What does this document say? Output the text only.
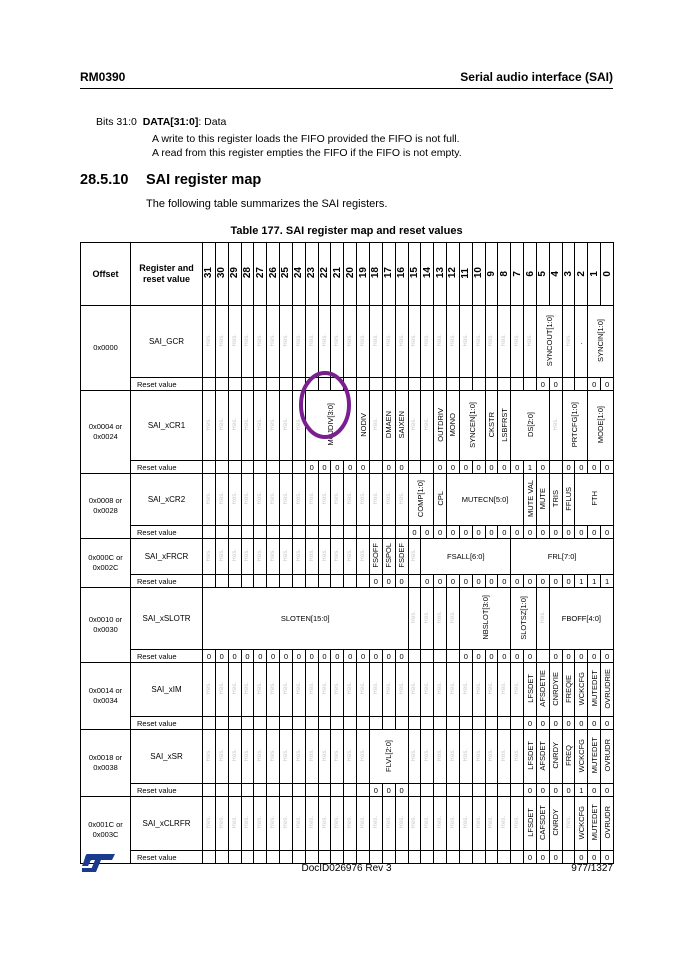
RM0390	Serial audio interface (SAI)
Bits 31:0 DATA[31:0]: Data
A write to this register loads the FIFO provided the FIFO is not full.
A read from this register empties the FIFO if the FIFO is not empty.
28.5.10 SAI register map
The following table summarizes the SAI registers.
Table 177. SAI register map and reset values
Offset	Register and reset value	31	30	29	28	27	26	25	24	23	22	21	20	19	18	17	16	15	14	13	12	11	10	9	8	7	6	5	4	3	2	1	0
0x0000	SAI_GCR	Res.	Res.	Res.	Res.	Res.	Res.	Res.	Res.	Res.	Res.	Res.	Res.	Res.	Res.	Res.	Res.	Res.	Res.	Res.	Res.	Res.	Res.	Res.	Res.	Res.	Res.	SYNCOUT[1:0]		Res.	.	SYNCIN[1:0]	
	Reset value																											0	0			0	0
0x0004 or 0x0024	SAI_xCR1	Res.	Res.	Res.	Res.	Res.	Res.	Res.	Res.	MCJDIV[3:0]				NODIV	Res.	DMAEN	SAIXEN	Res.	Res.	OUTDRIV	MONO	SYNCEN[1:0]		CKSTR	LSBFRST	DS[2:0]			Res.	PRTCFG[1:0]		MODE[1:0]	
	Reset value									0	0	0	0	0		0	0			0	0	0	0	0	0	0	1	0		0	0	0	0
0x0008 or 0x0028	SAI_xCR2	Res.	Res.	Res.	Res.	Res.	Res.	Res.	Res.	Res.	Res.	Res.	Res.	Res.	Res.	Res.	Res.	COMP[1:0]		CPL	MUTECN[5:0]						MUTE VAL	MUTE	TRIS	FFLUS	FTH		
	Reset value																	0	0	0	0	0	0	0	0	0	0	0	0	0	0	0	0
0x000C or 0x002C	SAI_xFRCR	Res.	Res.	Res.	Res.	Res.	Res.	Res.	Res.	Res.	Res.	Res.	Res.	Res.	FSOFF	FSPOL	FSDEF	Res.	FSALL[6:0]							FRL[7:0]							
	Reset value														0	0	0		0	0	0	0	0	0	0	0	0	0	0	0	1	1	1
0x0010 or 0x0030	SAI_xSLOTR	SLOTEN[15:0]																Res.	Res.	Res.	Res.	NBSLOT[3:0]				SLOTSZ[1:0]		Res.	FBOFF[4:0]				
	Reset value	0	0	0	0	0	0	0	0	0	0	0	0	0	0	0	0					0	0	0	0	0	0		0	0	0	0	0
0x0014 or 0x0034	SAI_xIM	Res.	Res.	Res.	Res.	Res.	Res.	Res.	Res.	Res.	Res.	Res.	Res.	Res.	Res.	Res.	Res.	Res.	Res.	Res.	Res.	Res.	Res.	Res.	Res.	Res.	LFSDET	AFSDETIE	CNRDYIE	FREQIE	WCKCFG	MUTEDET	OVRUDRIE
	Reset value																										0	0	0	0	0	0	0
0x0018 or 0x0038	SAI_xSR	Res.	Res.	Res.	Res.	Res.	Res.	Res.	Res.	Res.	Res.	Res.	Res.	Res.	FLVL[2:0]			Res.	Res.	Res.	Res.	Res.	Res.	Res.	Res.	Res.	LFSDET	AFSDET	CNRDY	FREQ	WCKCFG	MUTEDET	OVRUDR
	Reset value														0	0	0										0	0	0	0	1	0	0
0x001C or 0x003C	SAI_xCLRFR	Res.	Res.	Res.	Res.	Res.	Res.	Res.	Res.	Res.	Res.	Res.	Res.	Res.	Res.	Res.	Res.	Res.	Res.	Res.	Res.	Res.	Res.	Res.	Res.	Res.	LFSDET	CAFSDET	CNRDY	Res.	WCKCFG	MUTEDET	OVRUDR
	Reset value																										0	0	0		0	0	0
DocID026976 Rev 3	977/1327
